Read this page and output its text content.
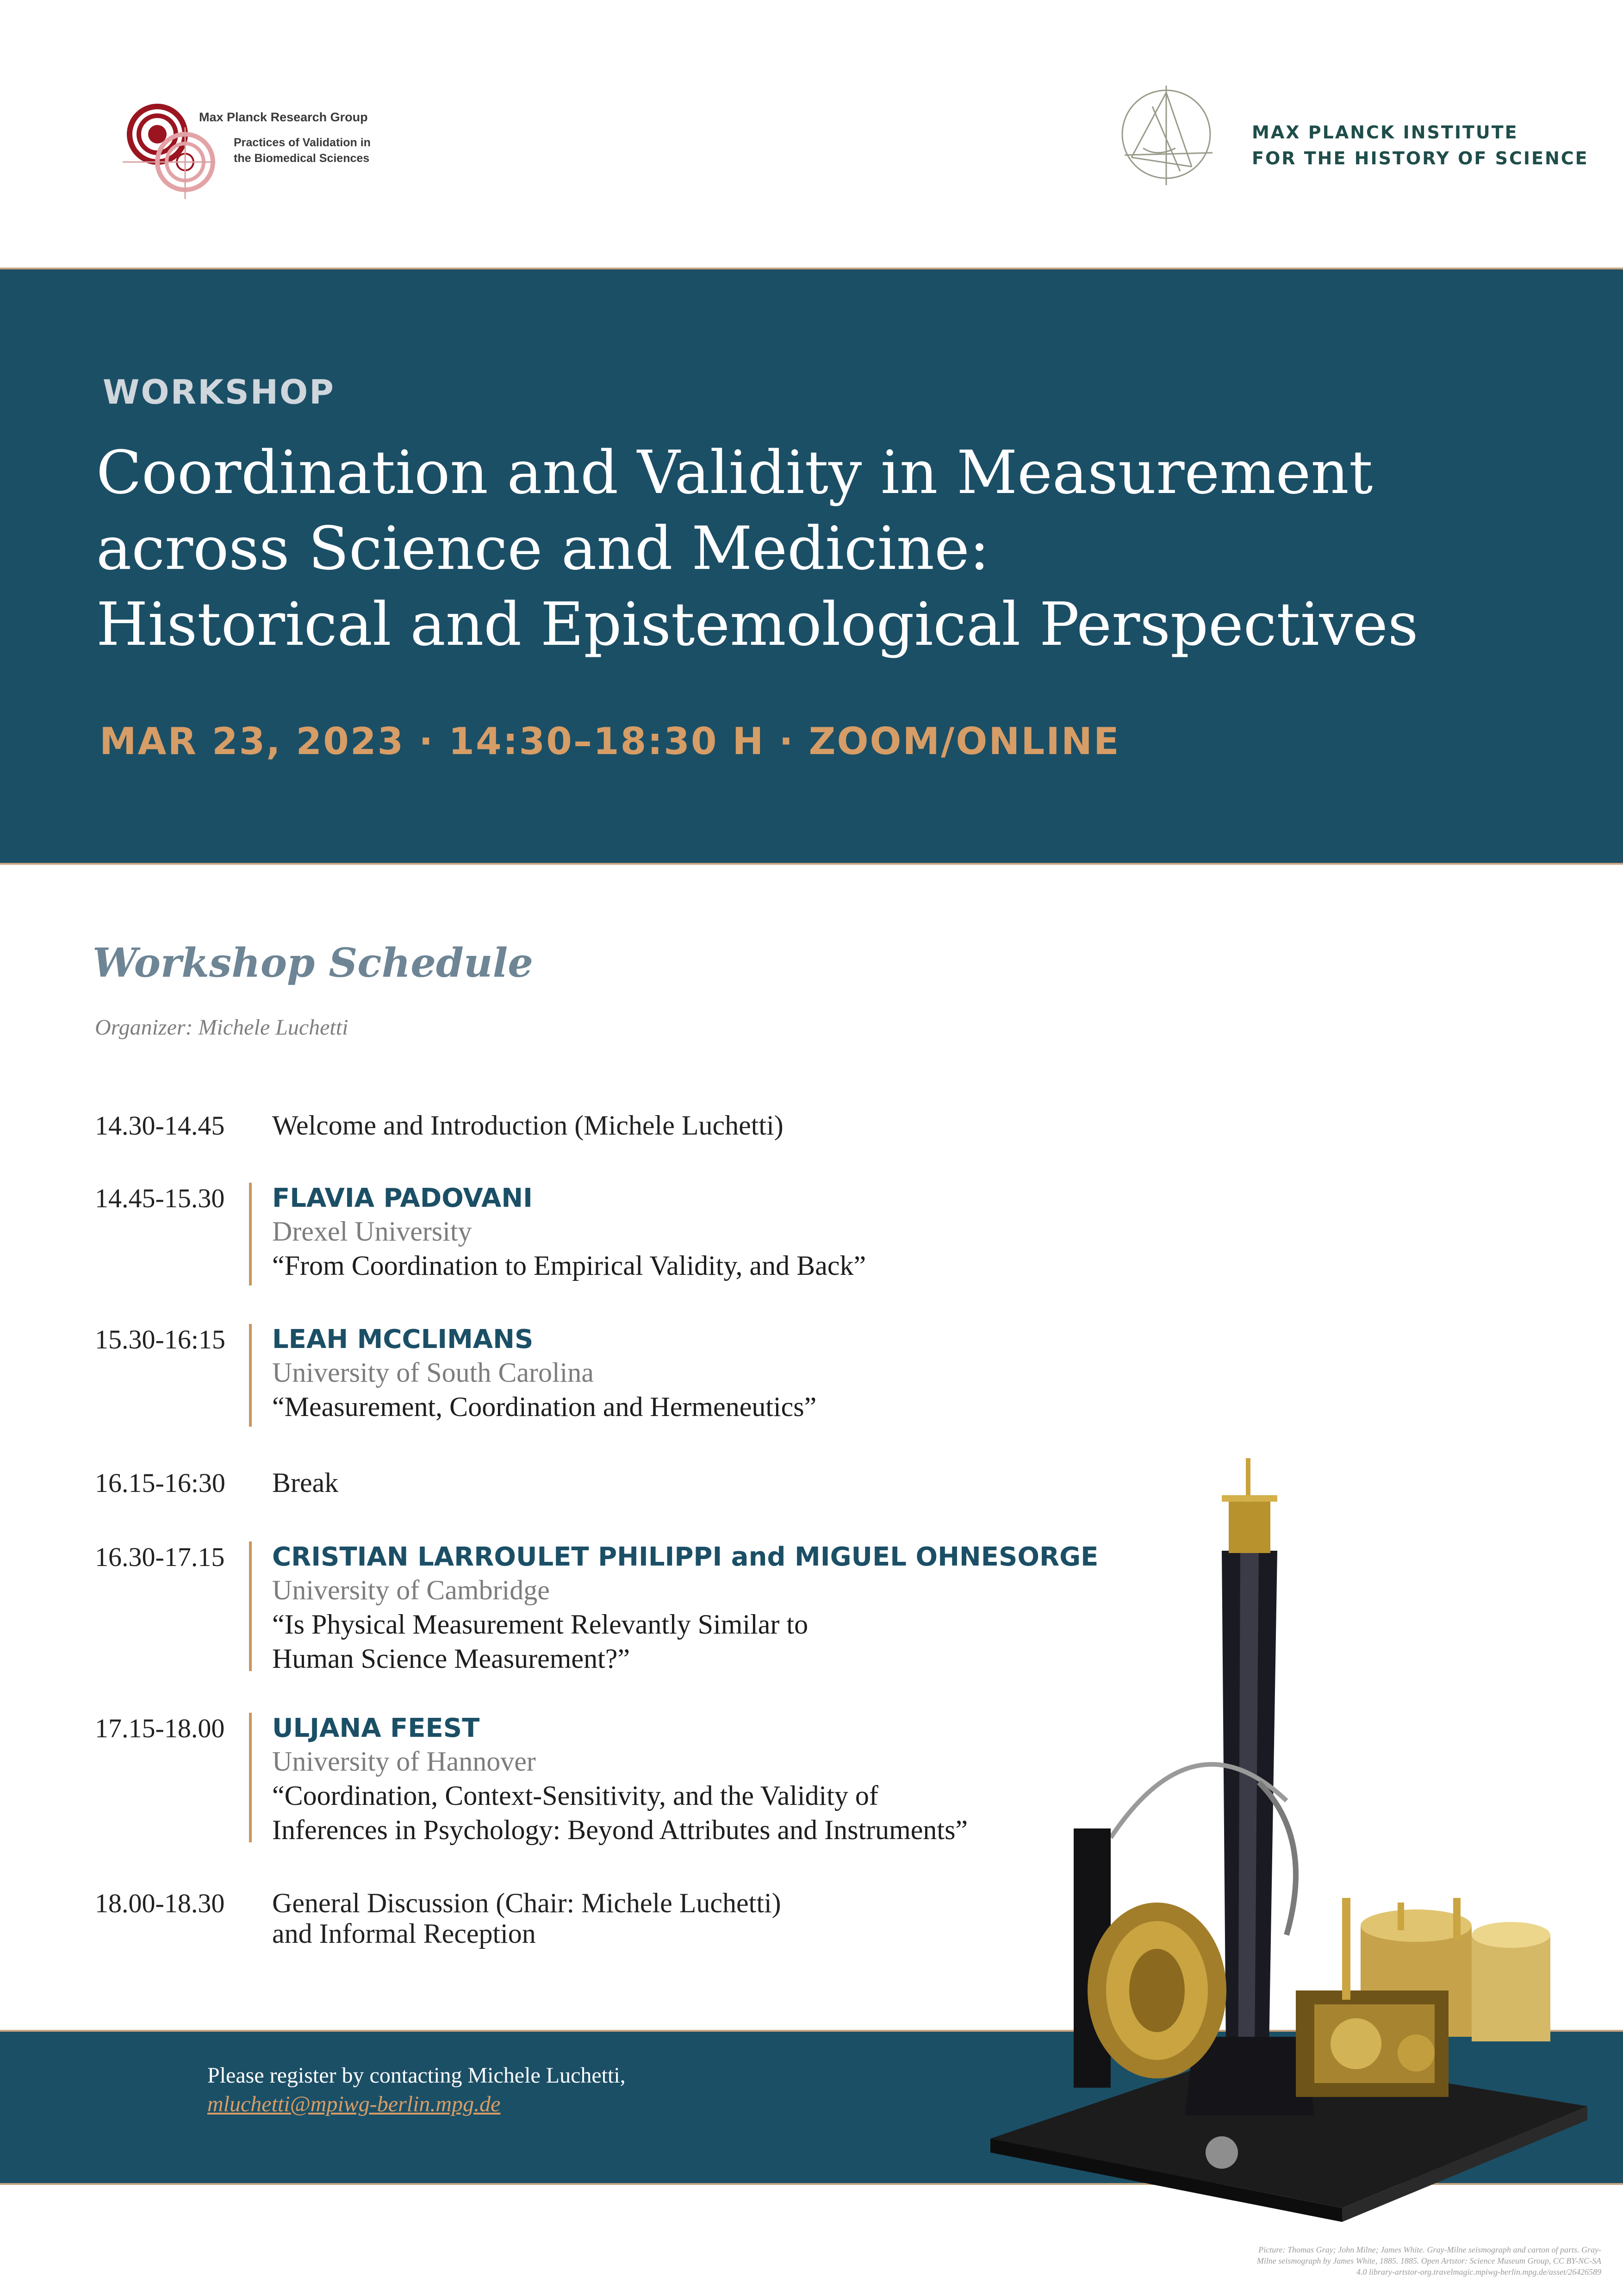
Max Planck Research Group
Practices of Validation in
the Biomedical Sciences
MAX PLANCK INSTITUTE
FOR THE HISTORY OF SCIENCE
WORKSHOP
Coordination and Validity in Measurement
across Science and Medicine:
Historical and Epistemological Perspectives
MAR 23, 2023 · 14:30–18:30 H · ZOOM/ONLINE
Workshop Schedule
Organizer: Michele Luchetti
14.30-14.45 Welcome and Introduction (Michele Luchetti)
14.45-15.30 FLAVIA PADOVANI
Drexel University
“From Coordination to Empirical Validity, and Back”
15.30-16:15 LEAH MCCLIMANS
University of South Carolina
“Measurement, Coordination and Hermeneutics”
16.15-16:30 Break
16.30-17.15 CRISTIAN LARROULET PHILIPPI and MIGUEL OHNESORGE
University of Cambridge
“Is Physical Measurement Relevantly Similar to
Human Science Measurement?”
17.15-18.00 ULJANA FEEST
University of Hannover
“Coordination, Context-Sensitivity, and the Validity of
Inferences in Psychology: Beyond Attributes and Instruments”
18.00-18.30 General Discussion (Chair: Michele Luchetti)
and Informal Reception
Please register by contacting Michele Luchetti,
mluchetti@mpiwg-berlin.mpg.de
Picture: Thomas Gray; John Milne; James White. Gray-Milne seismograph and carton of parts. Gray-
Milne seismograph by James White, 1885. 1885. Open Artstor: Science Museum Group, CC BY-NC-SA
4.0 library-artstor-org.travelmagic.mpiwg-berlin.mpg.de/asset/26426589
